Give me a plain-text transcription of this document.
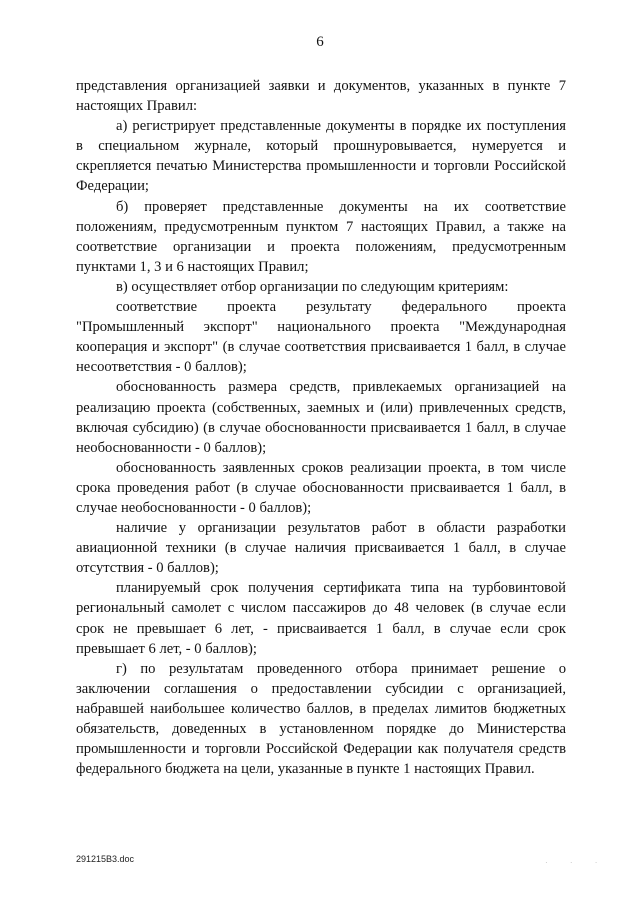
6

представления организацией заявки и документов, указанных в пункте 7 настоящих Правил:

а) регистрирует представленные документы в порядке их поступления в специальном журнале, который прошнуровывается, нумеруется и скрепляется печатью Министерства промышленности и торговли Российской Федерации;

б) проверяет представленные документы на их соответствие положениям, предусмотренным пунктом 7 настоящих Правил, а также на соответствие организации и проекта положениям, предусмотренным пунктами 1, 3 и 6 настоящих Правил;

в) осуществляет отбор организации по следующим критериям:

соответствие проекта результату федерального проекта "Промышленный экспорт" национального проекта "Международная кооперация и экспорт" (в случае соответствия присваивается 1 балл, в случае несоответствия - 0 баллов);

обоснованность размера средств, привлекаемых организацией на реализацию проекта (собственных, заемных и (или) привлеченных средств, включая субсидию) (в случае обоснованности присваивается 1 балл, в случае необоснованности - 0 баллов);

обоснованность заявленных сроков реализации проекта, в том числе срока проведения работ (в случае обоснованности присваивается 1 балл, в случае необоснованности - 0 баллов);

наличие у организации результатов работ в области разработки авиационной техники (в случае наличия присваивается 1 балл, в случае отсутствия - 0 баллов);

планируемый срок получения сертификата типа на турбовинтовой региональный самолет с числом пассажиров до 48 человек (в случае если срок не превышает 6 лет, - присваивается 1 балл, в случае если срок превышает 6 лет, - 0 баллов);

г) по результатам проведенного отбора принимает решение о заключении соглашения о предоставлении субсидии с организацией, набравшей наибольшее количество баллов, в пределах лимитов бюджетных обязательств, доведенных в установленном порядке до Министерства промышленности и торговли Российской Федерации как получателя средств федерального бюджета на цели, указанные в пункте 1 настоящих Правил.

291215B3.doc	· · ·
